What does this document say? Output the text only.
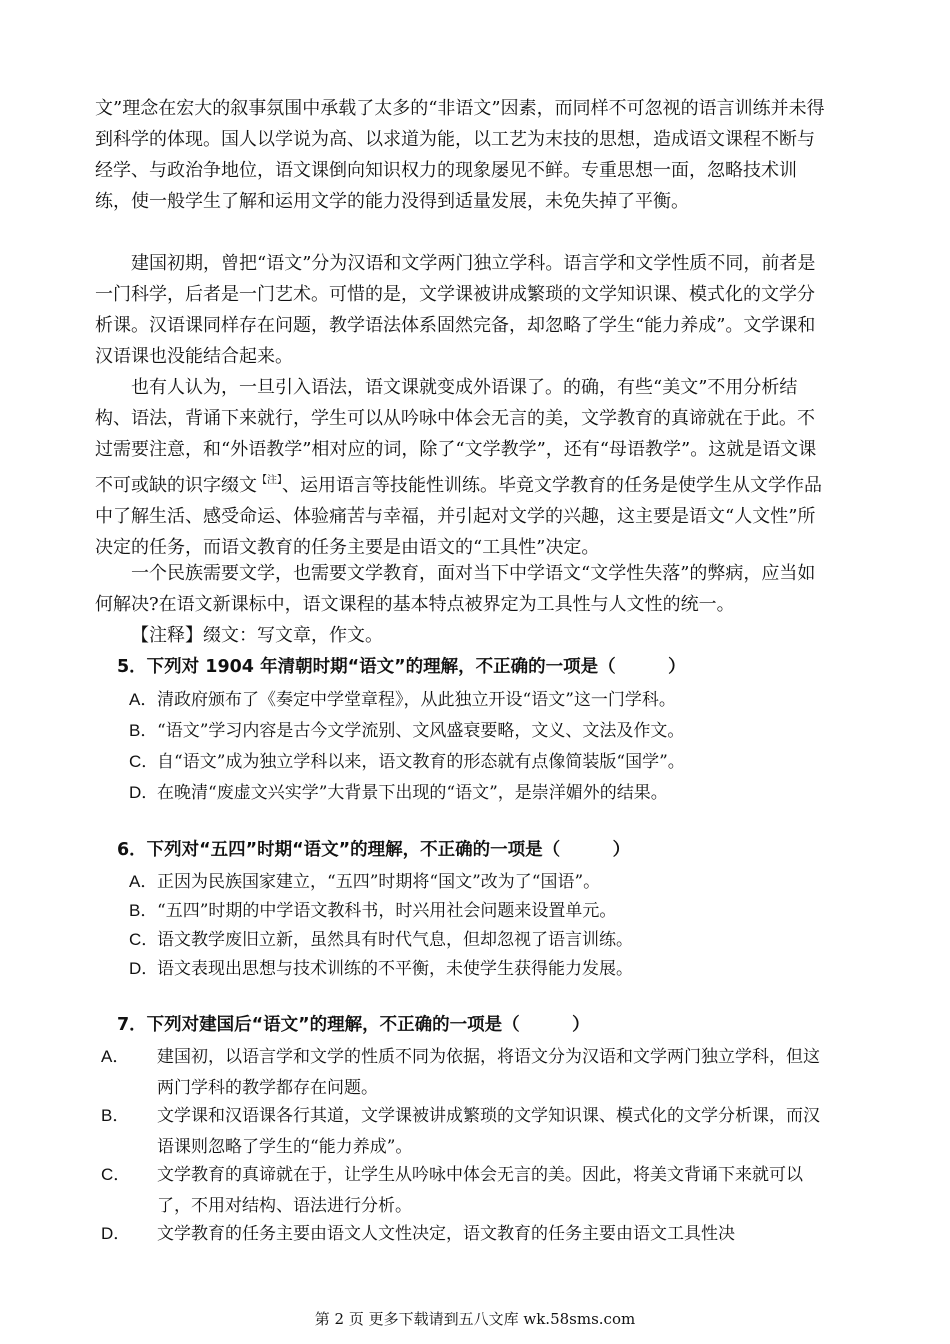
文”理念在宏大的叙事氛围中承载了太多的“非语文”因素，而同样不可忽视的语言训练并未得到科学的体现。国人以学说为高、以求道为能，以工艺为末技的思想，造成语文课程不断与经学、与政治争地位，语文课倒向知识权力的现象屡见不鲜。专重思想一面，忽略技术训练，使一般学生了解和运用文学的能力没得到适量发展，未免失掉了平衡。

建国初期，曾把“语文”分为汉语和文学两门独立学科。语言学和文学性质不同，前者是一门科学，后者是一门艺术。可惜的是，文学课被讲成繁琐的文学知识课、模式化的文学分析课。汉语课同样存在问题，教学语法体系固然完备，却忽略了学生“能力养成”。文学课和汉语课也没能结合起来。

也有人认为，一旦引入语法，语文课就变成外语课了。的确，有些“美文”不用分析结构、语法，背诵下来就行，学生可以从吟咏中体会无言的美，文学教育的真谛就在于此。不过需要注意，和“外语教学”相对应的词，除了“文学教学”，还有“母语教学”。这就是语文课不可或缺的识字缀文$^{【注】}$、运用语言等技能性训练。毕竟文学教育的任务是使学生从文学作品中了解生活、感受命运、体验痛苦与幸福，并引起对文学的兴趣，这主要是语文“人文性”所决定的任务，而语文教育的任务主要是由语文的“工具性”决定。

一个民族需要文学，也需要文学教育，面对当下中学语文“文学性失落”的弊病，应当如何解决?在语文新课标中，语文课程的基本特点被界定为工具性与人文性的统一。

【注释】缀文：写文章，作文。
5．下列对 1904 年清朝时期“语文”的理解，不正确的一项是（　　　）
A．清政府颁布了《奏定中学堂章程》，从此独立开设“语文”这一门学科。
B．“语文”学习内容是古今文学流别、文风盛衰要略，文义、文法及作文。
C．自“语文”成为独立学科以来，语文教育的形态就有点像简装版“国学”。
D．在晚清“废虚文兴实学”大背景下出现的“语文”，是崇洋媚外的结果。
6．下列对“五四”时期“语文”的理解，不正确的一项是（　　　）
A．正因为民族国家建立，“五四”时期将“国文”改为了“国语”。
B．“五四”时期的中学语文教科书，时兴用社会问题来设置单元。
C．语文教学废旧立新，虽然具有时代气息，但却忽视了语言训练。
D．语文表现出思想与技术训练的不平衡，未使学生获得能力发展。
7．下列对建国后“语文”的理解，不正确的一项是（　　　）
A． 建国初，以语言学和文学的性质不同为依据，将语文分为汉语和文学两门独立学科，但这两门学科的教学都存在问题。
B． 文学课和汉语课各行其道，文学课被讲成繁琐的文学知识课、模式化的文学分析课，而汉语课则忽略了学生的“能力养成”。
C． 文学教育的真谛就在于，让学生从吟咏中体会无言的美。因此，将美文背诵下来就可以了，不用对结构、语法进行分析。
D． 文学教育的任务主要由语文人文性决定，语文教育的任务主要由语文工具性决
第 2 页 更多下载请到五八文库 wk.58sms.com
